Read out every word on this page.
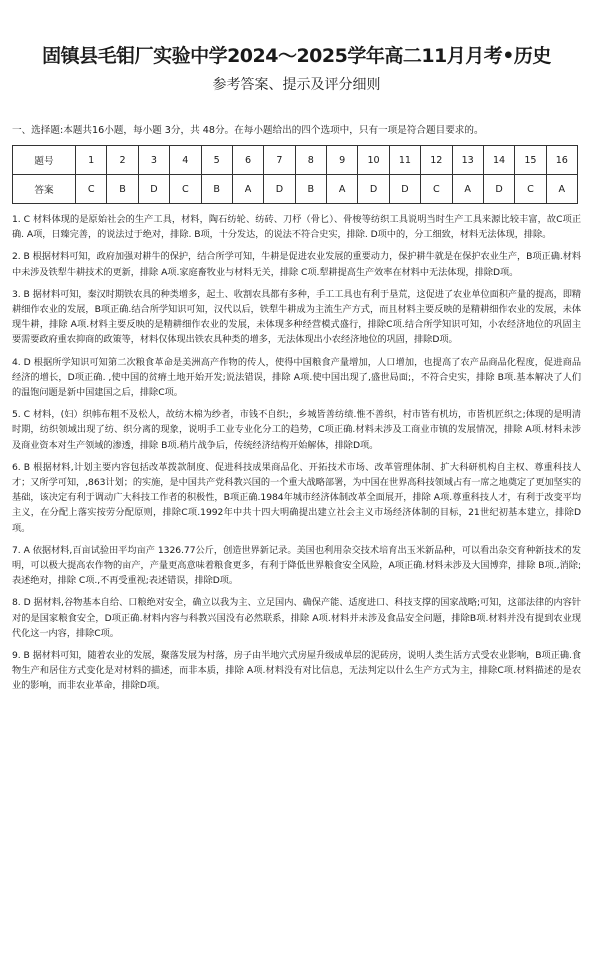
固镇县毛钼厂实验中学2024～2025学年高二11月月考•历史
参考答案、提示及评分细则
一、选择题:本题共16小题，每小题 3分，共 48分。在每小题给出的四个选项中，只有一项是符合题目要求的。
题号	1	2	3	4	5	6	7	8	9	10	11	12	13	14	15	16
答案	C	B	D	C	B	A	D	B	A	D	D	C	A	D	C	A
1. C 材料体现的是原始社会的生产工具，材料，陶石纺轮、纺砖、刀杼（骨匕）、骨梭等纺织工具说明当时生产工具来源比较丰富，故C项正确. A项，日臻完善，的说法过于绝对，排除. B项，十分发达，的说法不符合史实，排除. D项中的，分工细致，材料无法体现，排除。
2. B 根据材料可知，政府加强对耕牛的保护，结合所学可知，牛耕是促进农业发展的重要动力，保护耕牛就是在保护农业生产，B项正确.材料中未涉及铁犁牛耕技术的更新，排除 A项.家庭畜牧业与材料无关，排除 C项.犁耕提高生产效率在材料中无法体现，排除D项。
3. B 据材料可知，秦汉时期铁农具的种类增多，起土、收割农具都有多种，手工工具也有利于垦荒，这促进了农业单位面积产量的提高，即精耕细作农业的发展，B项正确.结合所学知识可知，汉代以后，铁犁牛耕成为主流生产方式，而且材料主要反映的是精耕细作农业的发展，未体现牛耕，排除 A项.材料主要反映的是精耕细作农业的发展，未体现多种经营模式盛行，排除C项.结合所学知识可知，小农经济地位的巩固主要需要政府重农抑商的政策等，材料仅体现出铁农具种类的增多，无法体现出小农经济地位的巩固，排除D项。
4. D 根据所学知识可知第二次粮食革命是美洲高产作物的传人，使得中国粮食产量增加，人口增加，也提高了农产品商品化程度，促进商品经济的增长，D项正确. ,使中国的贫瘠土地开始开发;说法错误，排除 A项.使中国出现了,盛世局面;，不符合史实，排除 B项.基本解决了人们的温饱问题是新中国建国之后，排除C项。
5. C 材料，(妇）织帏布粗不及松人，故纺木棉为纱者，市钱不自织;，乡城皆善纺绩.惟不善织，村市皆有机坊，市皆机匠织之;体现的是明清时期，纺织领域出现了纺、织分离的现象，说明手工业专业化分工的趋势，C项正确.材料未涉及工商业市镇的发展情况，排除 A项.材料未涉及商业资本对生产领域的渗透，排除 B项.稍片战争后，传统经济结构开始解体，排除D项。
6. B 根据材料,计划主要内容包括改革拨款制度、促进科技成果商品化、开拓技术市场、改革管理体制、扩大科研机构自主权、尊重科技人才；又所学可知，,863计划；的实施，是中国共产党科教兴国的一个重大战略部署，为中国在世界高科技领域占有一席之地奠定了更加坚实的基础，该决定有利于调动广大科技工作者的积极性，B项正确.1984年城市经济体制改革全面展开，排除 A项.尊重科技人才，有利于改变平均主义，在分配上落实按劳分配原则，排除C项.1992年中共十四大明确提出建立社会主义市场经济体制的目标，21世纪初基本建立，排除D项。
7. A 依据材料,百亩试验田平均亩产 1326.77公斤，创造世界新记录。美国也利用杂交技术培育出玉米新品种，可以看出杂交育种新技术的发明，可以极大提高农作物的亩产，产量更高意味着粮食更多，有利于降低世界粮食安全风险，A项正确.材料未涉及大国博弈，排除 B项.,消除;表述绝对，排除 C项.,不再受重视;表述错误，排除D项。
8. D 据材料,谷物基本自给、口粮绝对安全，确立以我为主、立足国内、确保产能、适度进口、科技支撑的国家战略;可知，这部法律的内容针对的是国家粮食安全，D项正确.材料内容与科教兴国没有必然联系，排除 A项.材料并未涉及食品安全问题，排除B项.材料并没有提到农业现代化这一内容，排除C项。
9. B 据材料可知，随着农业的发展，聚落发展为村落，房子由半地穴式房屋升级成单层的泥砖房，说明人类生活方式受农业影响，B项正确.食物生产和居住方式变化是对材料的描述，而非本质，排除 A项.材料没有对比信息，无法判定以什么生产方式为主，排除C项.材料描述的是农业的影响，而非农业革命，排除D项。
